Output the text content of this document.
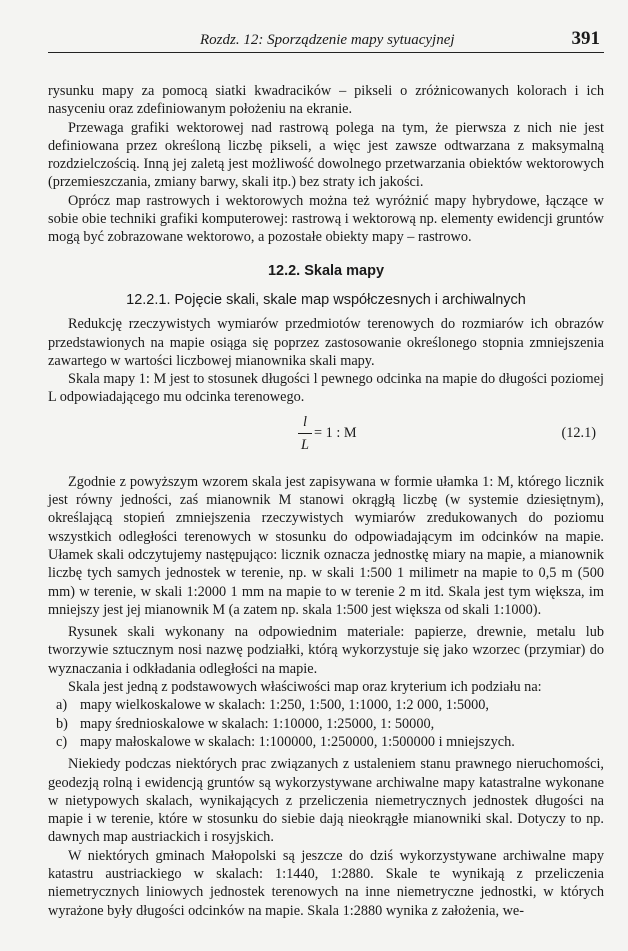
Rozdz. 12: Sporządzenie mapy sytuacyjnej	391

rysunku mapy za pomocą siatki kwadracików – pikseli o zróżnicowanych kolorach i ich nasyceniu oraz zdefiniowanym położeniu na ekranie.

Przewaga grafiki wektorowej nad rastrową polega na tym, że pierwsza z nich nie jest definiowana przez określoną liczbę pikseli, a więc jest zawsze odtwarzana z maksymalną rozdzielczością. Inną jej zaletą jest możliwość dowolnego przetwarzania obiektów wektorowych (przemieszczania, zmiany barwy, skali itp.) bez straty ich jakości.

Oprócz map rastrowych i wektorowych można też wyróżnić mapy hybrydowe, łączące w sobie obie techniki grafiki komputerowej: rastrową i wektorową np. elementy ewidencji gruntów mogą być zobrazowane wektorowo, a pozostałe obiekty mapy – rastrowo.

12.2. Skala mapy
12.2.1. Pojęcie skali, skale map współczesnych i archiwalnych

Redukcję rzeczywistych wymiarów przedmiotów terenowych do rozmiarów ich obrazów przedstawionych na mapie osiąga się poprzez zastosowanie określonego stopnia zmniejszenia zawartego w wartości liczbowej mianownika skali mapy.

Skala mapy 1: M jest to stosunek długości l pewnego odcinka na mapie do długości poziomej L odpowiadającego mu odcinka terenowego.

l
L
= 1 : M	(12.1)

Zgodnie z powyższym wzorem skala jest zapisywana w formie ułamka 1: M, którego licznik jest równy jedności, zaś mianownik M stanowi okrągłą liczbę (w systemie dziesiętnym), określającą stopień zmniejszenia rzeczywistych wymiarów zredukowanych do poziomu wszystkich odległości terenowych w stosunku do odpowiadającym im odcinków na mapie. Ułamek skali odczytujemy następująco: licznik oznacza jednostkę miary na mapie, a mianownik liczbę tych samych jednostek w terenie, np. w skali 1:500 1 milimetr na mapie to 0,5 m (500 mm) w terenie, w skali 1:2000 1 mm na mapie to w terenie 2 m itd. Skala jest tym większa, im mniejszy jest jej mianownik M (a zatem np. skala 1:500 jest większa od skali 1:1000).

Rysunek skali wykonany na odpowiednim materiale: papierze, drewnie, metalu lub tworzywie sztucznym nosi nazwę podziałki, którą wykorzystuje się jako wzorzec (przymiar) do wyznaczania i odkładania odległości na mapie.

Skala jest jedną z podstawowych właściwości map oraz kryterium ich podziału na:

a) mapy wielkoskalowe w skalach: 1:250, 1:500, 1:1000, 1:2 000, 1:5000,
b) mapy średnioskalowe w skalach: 1:10000, 1:25000, 1: 50000,
c) mapy małoskalowe w skalach: 1:100000, 1:250000, 1:500000 i mniejszych.

Niekiedy podczas niektórych prac związanych z ustaleniem stanu prawnego nieruchomości, geodezją rolną i ewidencją gruntów są wykorzystywane archiwalne mapy katastralne wykonane w nietypowych skalach, wynikających z przeliczenia niemetrycznych jednostek długości na mapie i w terenie, które w stosunku do siebie dają nieokrągłe mianowniki skal. Dotyczy to np. dawnych map austriackich i rosyjskich.

W niektórych gminach Małopolski są jeszcze do dziś wykorzystywane archiwalne mapy katastru austriackiego w skalach: 1:1440, 1:2880. Skale te wynikają z przeliczenia niemetrycznych liniowych jednostek terenowych na inne niemetryczne jednostki, w których wyrażone były długości odcinków na mapie. Skala 1:2880 wynika z założenia, we-
